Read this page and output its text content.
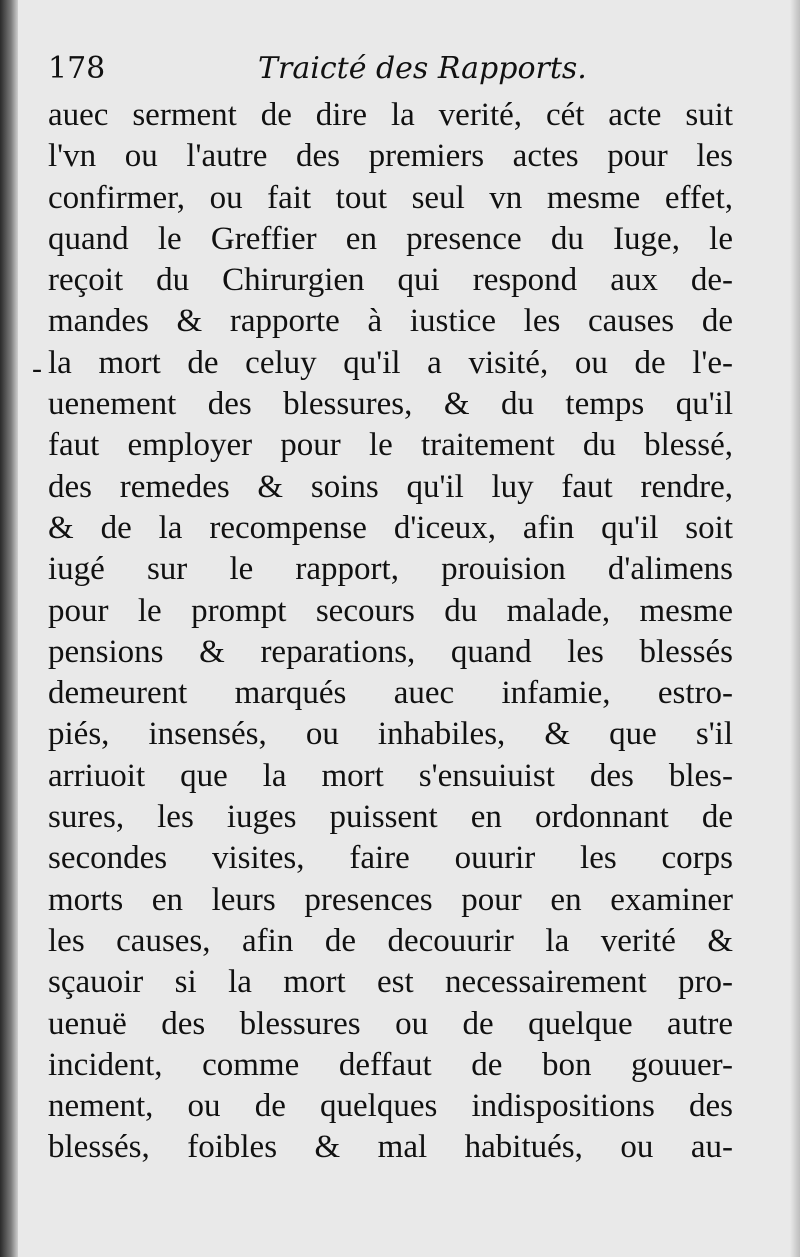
178	Traicté des Rapports.
-
auec serment de dire la verité, cét acte suit
l'vn ou l'autre des premiers actes pour les
confirmer, ou fait tout seul vn mesme effet,
quand le Greffier en presence du Iuge, le
reçoit du Chirurgien qui respond aux de-
mandes & rapporte à iustice les causes de
la mort de celuy qu'il a visité, ou de l'e-
uenement des blessures, & du temps qu'il
faut employer pour le traitement du blessé,
des remedes & soins qu'il luy faut rendre,
& de la recompense d'iceux, afin qu'il soit
iugé sur le rapport, prouision d'alimens
pour le prompt secours du malade, mesme
pensions & reparations, quand les blessés
demeurent marqués auec infamie, estro-
piés, insensés, ou inhabiles, & que s'il
arriuoit que la mort s'ensuiuist des bles-
sures, les iuges puissent en ordonnant de
secondes visites, faire ouurir les corps
morts en leurs presences pour en examiner
les causes, afin de decouurir la verité &
sçauoir si la mort est necessairement pro-
uenuë des blessures ou de quelque autre
incident, comme deffaut de bon gouuer-
nement, ou de quelques indispositions des
blessés, foibles & mal habitués, ou au-
